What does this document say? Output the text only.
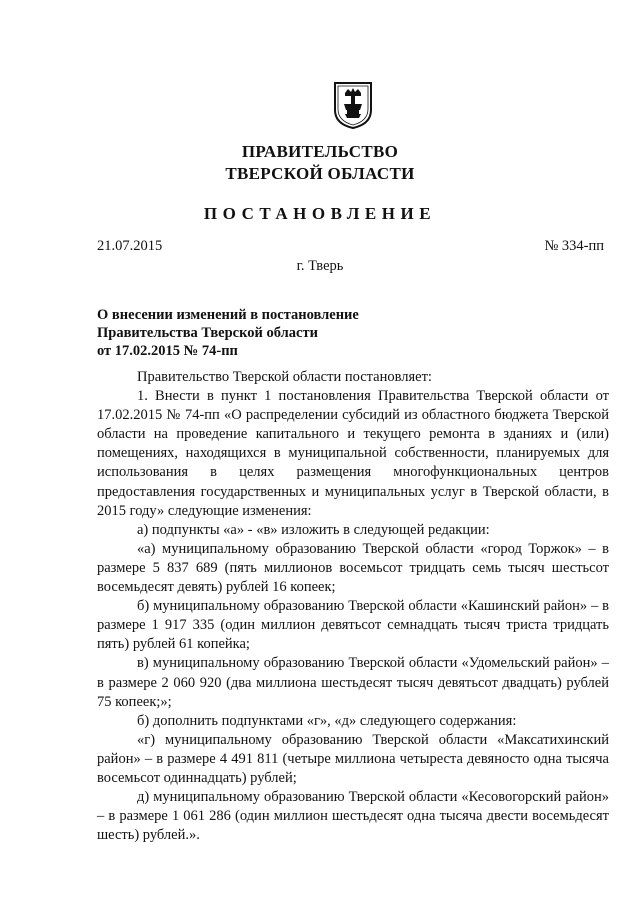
ПРАВИТЕЛЬСТВО
ТВЕРСКОЙ ОБЛАСТИ
ПОСТАНОВЛЕНИЕ
21.07.2015	№ 334-пп
г. Тверь
О внесении изменений в постановление
Правительства Тверской области
от 17.02.2015 № 74-пп

Правительство Тверской области постановляет:

1. Внести в пункт 1 постановления Правительства Тверской области от 17.02.2015 № 74-пп «О распределении субсидий из областного бюджета Тверской области на проведение капитального и текущего ремонта в зданиях и (или) помещениях, находящихся в муниципальной собственности, планируемых для использования в целях размещения многофункциональных центров предоставления государственных и муниципальных услуг в Тверской области, в 2015 году» следующие изменения:

а) подпункты «а» - «в» изложить в следующей редакции:

«а) муниципальному образованию Тверской области «город Торжок» – в размере 5 837 689 (пять миллионов восемьсот тридцать семь тысяч шестьсот восемьдесят девять) рублей 16 копеек;

б) муниципальному образованию Тверской области «Кашинский район» – в размере 1 917 335 (один миллион девятьсот семнадцать тысяч триста тридцать пять) рублей 61 копейка;

в) муниципальному образованию Тверской области «Удомельский район» – в размере 2 060 920 (два миллиона шестьдесят тысяч девятьсот двадцать) рублей 75 копеек;»;

б) дополнить подпунктами «г», «д» следующего содержания:

«г) муниципальному образованию Тверской области «Максатихинский район» – в размере 4 491 811 (четыре миллиона четыреста девяносто одна тысяча восемьсот одиннадцать) рублей;

д) муниципальному образованию Тверской области «Кесовогорский район» – в размере 1 061 286 (один миллион шестьдесят одна тысяча двести восемьдесят шесть) рублей.».
